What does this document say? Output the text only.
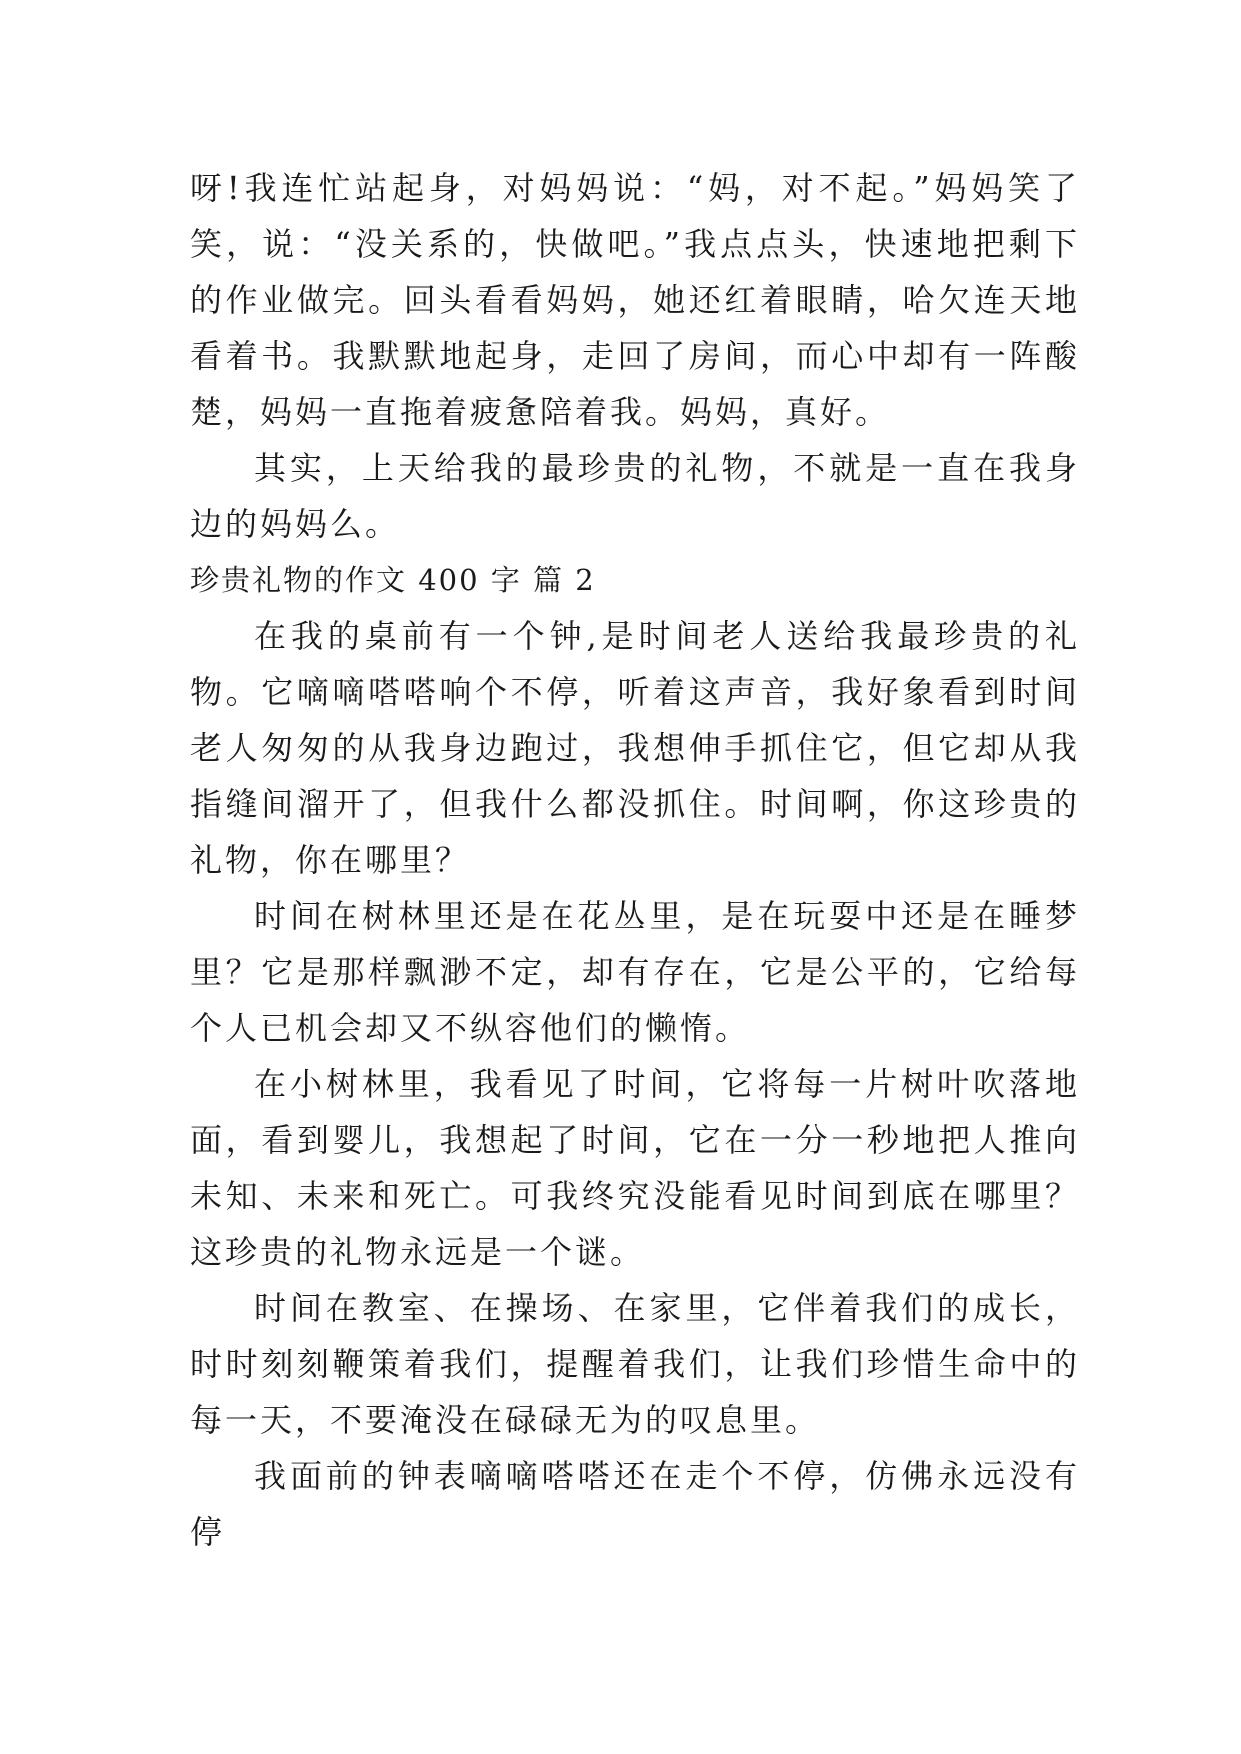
呀!我连忙站起身，对妈妈说：“妈，对不起。”妈妈笑了笑，说：“没关系的，快做吧。”我点点头，快速地把剩下的作业做完。回头看看妈妈，她还红着眼睛，哈欠连天地看着书。我默默地起身，走回了房间，而心中却有一阵酸楚，妈妈一直拖着疲惫陪着我。妈妈，真好。

其实，上天给我的最珍贵的礼物，不就是一直在我身边的妈妈么。

珍贵礼物的作文 400 字 篇 2

在我的桌前有一个钟,是时间老人送给我最珍贵的礼物。它嘀嘀嗒嗒响个不停，听着这声音，我好象看到时间老人匆匆的从我身边跑过，我想伸手抓住它，但它却从我指缝间溜开了，但我什么都没抓住。时间啊，你这珍贵的礼物，你在哪里？

时间在树林里还是在花丛里，是在玩耍中还是在睡梦里？它是那样飘渺不定，却有存在，它是公平的，它给每个人已机会却又不纵容他们的懒惰。

在小树林里，我看见了时间，它将每一片树叶吹落地面，看到婴儿，我想起了时间，它在一分一秒地把人推向未知、未来和死亡。可我终究没能看见时间到底在哪里？这珍贵的礼物永远是一个谜。

时间在教室、在操场、在家里，它伴着我们的成长，时时刻刻鞭策着我们，提醒着我们，让我们珍惜生命中的每一天，不要淹没在碌碌无为的叹息里。

我面前的钟表嘀嘀嗒嗒还在走个不停，仿佛永远没有停
